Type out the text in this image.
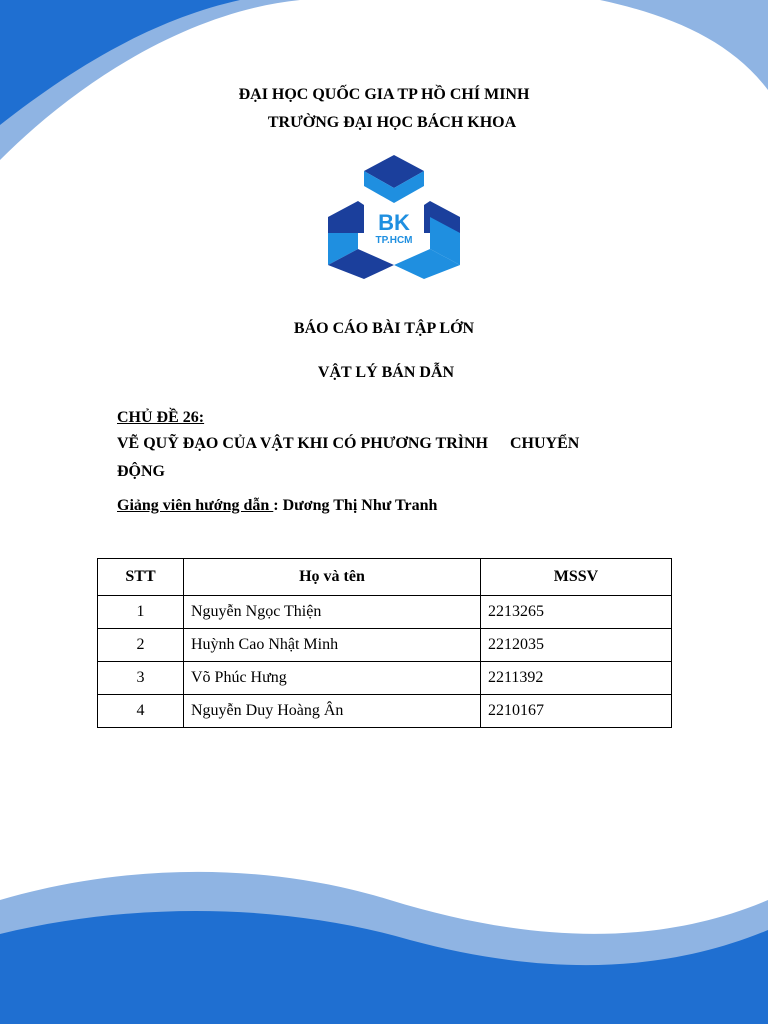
ĐẠI HỌC QUỐC GIA TP HỒ CHÍ MINH
TRƯỜNG ĐẠI HỌC BÁCH KHOA
BK
TP.HCM
BÁO CÁO BÀI TẬP LỚN
VẬT LÝ BÁN DẪN
CHỦ ĐỀ 26:
VẼ QUỸ ĐẠO CỦA VẬT KHI CÓ PHƯƠNG TRÌNH CHUYỂN
ĐỘNG
Giảng viên hướng dẫn : Dương Thị Như Tranh
STT	Họ và tên	MSSV
1	Nguyễn Ngọc Thiện	2213265
2	Huỳnh Cao Nhật Minh	2212035
3	Võ Phúc Hưng	2211392
4	Nguyễn Duy Hoàng Ân	2210167
